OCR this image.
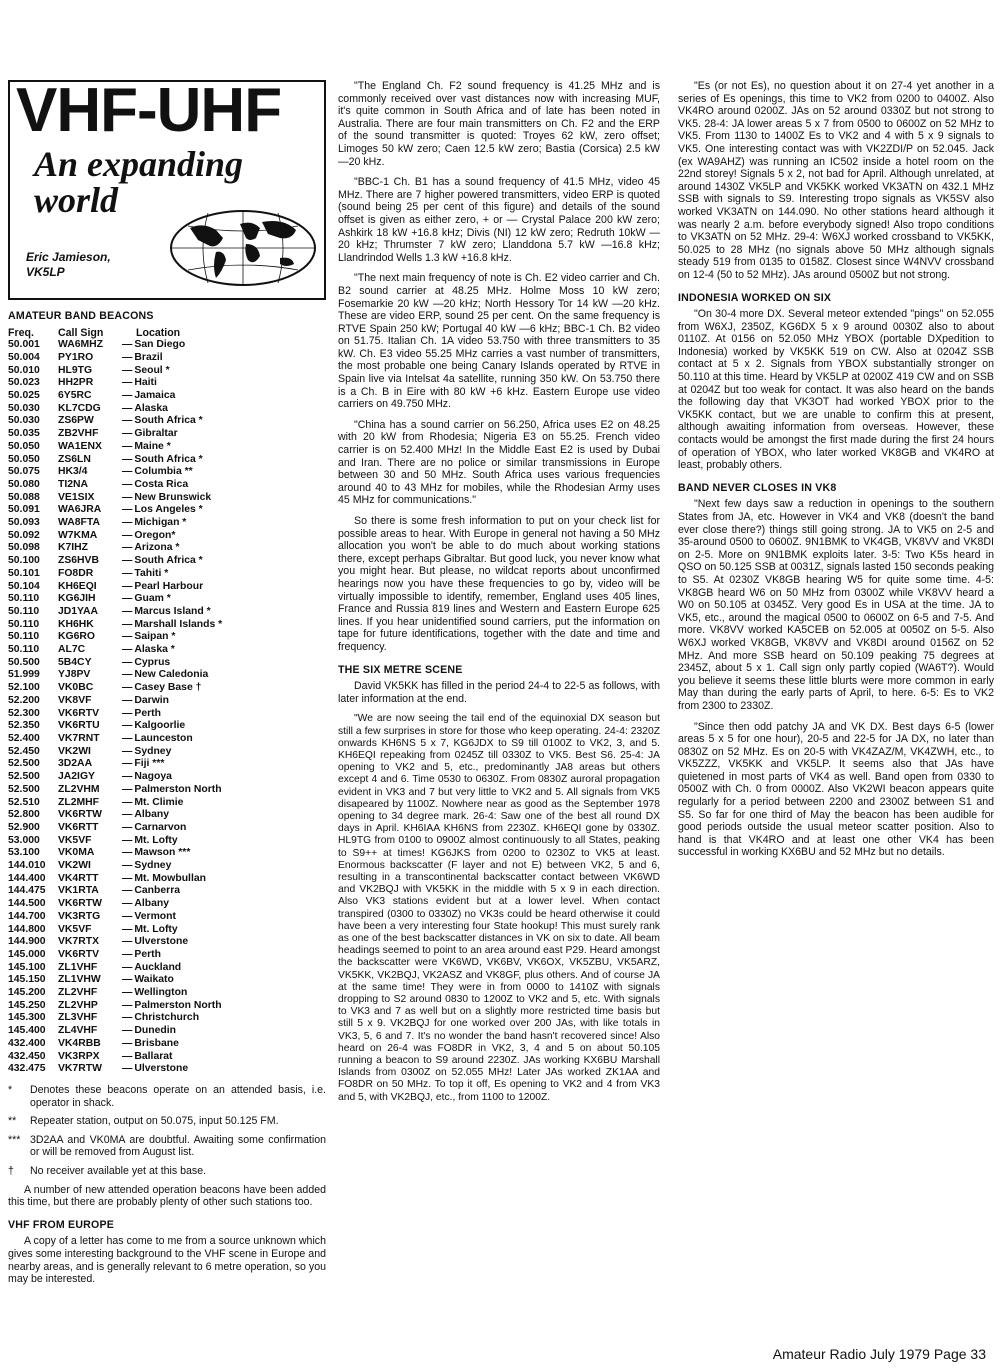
VHF-UHF
An expanding
world
Eric Jamieson,
VK5LP
AMATEUR BAND BEACONS
Freq.	Call Sign	Location
50.001	WA6MHZ	— San Diego
50.004	PY1RO	— Brazil
50.010	HL9TG	— Seoul *
50.023	HH2PR	— Haiti
50.025	6Y5RC	— Jamaica
50.030	KL7CDG	— Alaska
50.030	ZS6PW	— South Africa *
50.035	ZB2VHF	— Gibraltar
50.050	WA1ENX	— Maine *
50.050	ZS6LN	— South Africa *
50.075	HK3/4	— Columbia **
50.080	TI2NA	— Costa Rica
50.088	VE1SIX	— New Brunswick
50.091	WA6JRA	— Los Angeles *
50.093	WA8FTA	— Michigan *
50.092	W7KMA	— Oregon*
50.098	K7IHZ	— Arizona *
50.100	ZS6HVB	— South Africa *
50.101	FO8DR	— Tahiti *
50.104	KH6EQI	— Pearl Harbour
50.110	KG6JIH	— Guam *
50.110	JD1YAA	— Marcus Island *
50.110	KH6HK	— Marshall Islands *
50.110	KG6RO	— Saipan *
50.110	AL7C	— Alaska *
50.500	5B4CY	— Cyprus
51.999	YJ8PV	— New Caledonia
52.100	VK0BC	— Casey Base †
52.200	VK8VF	— Darwin
52.300	VK6RTV	— Perth
52.350	VK6RTU	— Kalgoorlie
52.400	VK7RNT	— Launceston
52.450	VK2WI	— Sydney
52.500	3D2AA	— Fiji ***
52.500	JA2IGY	— Nagoya
52.500	ZL2VHM	— Palmerston North
52.510	ZL2MHF	— Mt. Climie
52.800	VK6RTW	— Albany
52.900	VK6RTT	— Carnarvon
53.000	VK5VF	— Mt. Lofty
53.100	VK0MA	— Mawson ***
144.010	VK2WI	— Sydney
144.400	VK4RTT	— Mt. Mowbullan
144.475	VK1RTA	— Canberra
144.500	VK6RTW	— Albany
144.700	VK3RTG	— Vermont
144.800	VK5VF	— Mt. Lofty
144.900	VK7RTX	— Ulverstone
145.000	VK6RTV	— Perth
145.100	ZL1VHF	— Auckland
145.150	ZL1VHW	— Waikato
145.200	ZL2VHF	— Wellington
145.250	ZL2VHP	— Palmerston North
145.300	ZL3VHF	— Christchurch
145.400	ZL4VHF	— Dunedin
432.400	VK4RBB	— Brisbane
432.450	VK3RPX	— Ballarat
432.475	VK7RTW	— Ulverstone
*	Denotes these beacons operate on an attended basis, i.e. operator in shack.
**	Repeater station, output on 50.075, input 50.125 FM.
*** 3D2AA and VK0MA are doubtful. Awaiting some confirmation or will be removed from August list.
†	No receiver available yet at this base.

A number of new attended operation beacons have been added this time, but there are probably plenty of other such stations too.

VHF FROM EUROPE

A copy of a letter has come to me from a source unknown which gives some interesting background to the VHF scene in Europe and nearby areas, and is generally relevant to 6 metre operation, so you may be interested.

"The England Ch. F2 sound frequency is 41.25 MHz and is commonly received over vast distances now with increasing MUF, it's quite common in South Africa and of late has been noted in Australia. There are four main transmitters on Ch. F2 and the ERP of the sound transmitter is quoted: Troyes 62 kW, zero offset; Limoges 50 kW zero; Caen 12.5 kW zero; Bastia (Corsica) 2.5 kW —20 kHz.

"BBC-1 Ch. B1 has a sound frequency of 41.5 MHz, video 45 MHz. There are 7 higher powered transmitters, video ERP is quoted (sound being 25 per cent of this figure) and details of the sound offset is given as either zero, + or — Crystal Palace 200 kW zero; Ashkirk 18 kW +16.8 kHz; Divis (NI) 12 kW zero; Redruth 10kW —20 kHz; Thrumster 7 kW zero; Llanddona 5.7 kW —16.8 kHz; Llandrindod Wells 1.3 kW +16.8 kHz.

"The next main frequency of note is Ch. E2 video carrier and Ch. B2 sound carrier at 48.25 MHz. Holme Moss 10 kW zero; Fosemarkie 20 kW —20 kHz; North Hessory Tor 14 kW —20 kHz. These are video ERP, sound 25 per cent. On the same frequency is RTVE Spain 250 kW; Portugal 40 kW —6 kHz; BBC-1 Ch. B2 video on 51.75. Italian Ch. 1A video 53.750 with three transmitters to 35 kW. Ch. E3 video 55.25 MHz carries a vast number of transmitters, the most probable one being Canary Islands operated by RTVE in Spain live via Intelsat 4a satellite, running 350 kW. On 53.750 there is a Ch. B in Eire with 80 kW +6 kHz. Eastern Europe use video carriers on 49.750 MHz.

"China has a sound carrier on 56.250, Africa uses E2 on 48.25 with 20 kW from Rhodesia; Nigeria E3 on 55.25. French video carrier is on 52.400 MHz! In the Middle East E2 is used by Dubai and Iran. There are no police or similar transmissions in Europe between 30 and 50 MHz. South Africa uses various frequencies around 40 to 43 MHz for mobiles, while the Rhodesian Army uses 45 MHz for communications."

So there is some fresh information to put on your check list for possible areas to hear. With Europe in general not having a 50 MHz allocation you won't be able to do much about working stations there, except perhaps Gibraltar. But good luck, you never know what you might hear. But please, no wildcat reports about unconfirmed hearings now you have these frequencies to go by, video will be virtually impossible to identify, remember, England uses 405 lines, France and Russia 819 lines and Western and Eastern Europe 625 lines. If you hear unidentified sound carriers, put the information on tape for future identifications, together with the date and time and frequency.

THE SIX METRE SCENE

David VK5KK has filled in the period 24-4 to 22-5 as follows, with later information at the end.

"We are now seeing the tail end of the equinoxial DX season but still a few surprises in store for those who keep operating. 24-4: 2320Z onwards KH6NS 5 x 7, KG6JDX to S9 till 0100Z to VK2, 3, and 5. KH6EQI repeaking from 0245Z till 0330Z to VK5. Best S6. 25-4: JA opening to VK2 and 5, etc., predominantly JA8 areas but others except 4 and 6. Time 0530 to 0630Z. From 0830Z auroral propagation evident in VK3 and 7 but very little to VK2 and 5. All signals from VK5 disapeared by 1100Z. Nowhere near as good as the September 1978 opening to 34 degree mark. 26-4: Saw one of the best all round DX days in April. KH6IAA KH6NS from 2230Z. KH6EQI gone by 0330Z. HL9TG from 0100 to 0900Z almost continuously to all States, peaking to S9++ at times! KG6JKS from 0200 to 0230Z to VK5 at least. Enormous backscatter (F layer and not E) between VK2, 5 and 6, resulting in a transcontinental backscatter contact between VK6WD and VK2BQJ with VK5KK in the middle with 5 x 9 in each direction. Also VK3 stations evident but at a lower level. When contact transpired (0300 to 0330Z) no VK3s could be heard otherwise it could have been a very interesting four State hookup! This must surely rank as one of the best backscatter distances in VK on six to date. All beam headings seemed to point to an area around east P29. Heard amongst the backscatter were VK6WD, VK6BV, VK6OX, VK5ZBU, VK5ARZ, VK5KK, VK2BQJ, VK2ASZ and VK8GF, plus others. And of course JA at the same time! They were in from 0000 to 1410Z with signals dropping to S2 around 0830 to 1200Z to VK2 and 5, etc. With signals to VK3 and 7 as well but on a slightly more restricted time basis but still 5 x 9. VK2BQJ for one worked over 200 JAs, with like totals in VK3, 5, 6 and 7. It's no wonder the band hasn't recovered since! Also heard on 26-4 was FO8DR in VK2, 3, 4 and 5 on about 50.105 running a beacon to S9 around 2230Z. JAs working KX6BU Marshall Islands from 0300Z on 52.055 MHz! Later JAs worked ZK1AA and FO8DR on 50 MHz. To top it off, Es opening to VK2 and 4 from VK3 and 5, with VK2BQJ, etc., from 1100 to 1200Z.

"Es (or not Es), no question about it on 27-4 yet another in a series of Es openings, this time to VK2 from 0200 to 0400Z. Also VK4RO around 0200Z. JAs on 52 around 0330Z but not strong to VK5. 28-4: JA lower areas 5 x 7 from 0500 to 0600Z on 52 MHz to VK5. From 1130 to 1400Z Es to VK2 and 4 with 5 x 9 signals to VK5. One interesting contact was with VK2ZDI/P on 52.045. Jack (ex WA9AHZ) was running an IC502 inside a hotel room on the 22nd storey! Signals 5 x 2, not bad for April. Although unrelated, at around 1430Z VK5LP and VK5KK worked VK3ATN on 432.1 MHz SSB with signals to S9. Interesting tropo signals as VK5SV also worked VK3ATN on 144.090. No other stations heard although it was nearly 2 a.m. before everybody signed! Also tropo conditions to VK3ATN on 52 MHz. 29-4: W6XJ worked crossband to VK5KK, 50.025 to 28 MHz (no signals above 50 MHz although signals steady 519 from 0135 to 0158Z. Closest since W4NVV crossband on 12-4 (50 to 52 MHz). JAs around 0500Z but not strong.

INDONESIA WORKED ON SIX

"On 30-4 more DX. Several meteor extended "pings" on 52.055 from W6XJ, 2350Z, KG6DX 5 x 9 around 0030Z also to about 0110Z. At 0156 on 52.050 MHz YBOX (portable DXpedition to Indonesia) worked by VK5KK 519 on CW. Also at 0204Z SSB contact at 5 x 2. Signals from YBOX substantially stronger on 50.110 at this time. Heard by VK5LP at 0200Z 419 CW and on SSB at 0204Z but too weak for contact. It was also heard on the bands the following day that VK3OT had worked YBOX prior to the VK5KK contact, but we are unable to confirm this at present, although awaiting information from overseas. However, these contacts would be amongst the first made during the first 24 hours of operation of YBOX, who later worked VK8GB and VK4RO at least, probably others.

BAND NEVER CLOSES IN VK8

"Next few days saw a reduction in openings to the southern States from JA, etc. However in VK4 and VK8 (doesn't the band ever close there?) things still going strong. JA to VK5 on 2-5 and 35-around 0500 to 0600Z. 9N1BMK to VK4GB, VK8VV and VK8DI on 2-5. More on 9N1BMK exploits later. 3-5: Two K5s heard in QSO on 50.125 SSB at 0031Z, signals lasted 150 seconds peaking to S5. At 0230Z VK8GB hearing W5 for quite some time. 4-5: VK8GB heard W6 on 50 MHz from 0300Z while VK8VV heard a W0 on 50.105 at 0345Z. Very good Es in USA at the time. JA to VK5, etc., around the magical 0500 to 0600Z on 6-5 and 7-5. And more. VK8VV worked KA5CEB on 52.005 at 0050Z on 5-5. Also W6XJ worked VK8GB, VK8VV and VK8DI around 0156Z on 52 MHz. And more SSB heard on 50.109 peaking 75 degrees at 2345Z, about 5 x 1. Call sign only partly copied (WA6T?). Would you believe it seems these little blurts were more common in early May than during the early parts of April, to here. 6-5: Es to VK2 from 2300 to 2330Z.

"Since then odd patchy JA and VK DX. Best days 6-5 (lower areas 5 x 5 for one hour), 20-5 and 22-5 for JA DX, no later than 0830Z on 52 MHz. Es on 20-5 with VK4ZAZ/M, VK4ZWH, etc., to VK5ZZZ, VK5KK and VK5LP. It seems also that JAs have quietened in most parts of VK4 as well. Band open from 0330 to 0500Z with Ch. 0 from 0000Z. Also VK2WI beacon appears quite regularly for a period between 2200 and 2300Z between S1 and S5. So far for one third of May the beacon has been audible for good periods outside the usual meteor scatter position. Also to hand is that VK4RO and at least one other VK4 has been successful in working KX6BU and 52 MHz but no details.

Amateur Radio July 1979 Page 33
